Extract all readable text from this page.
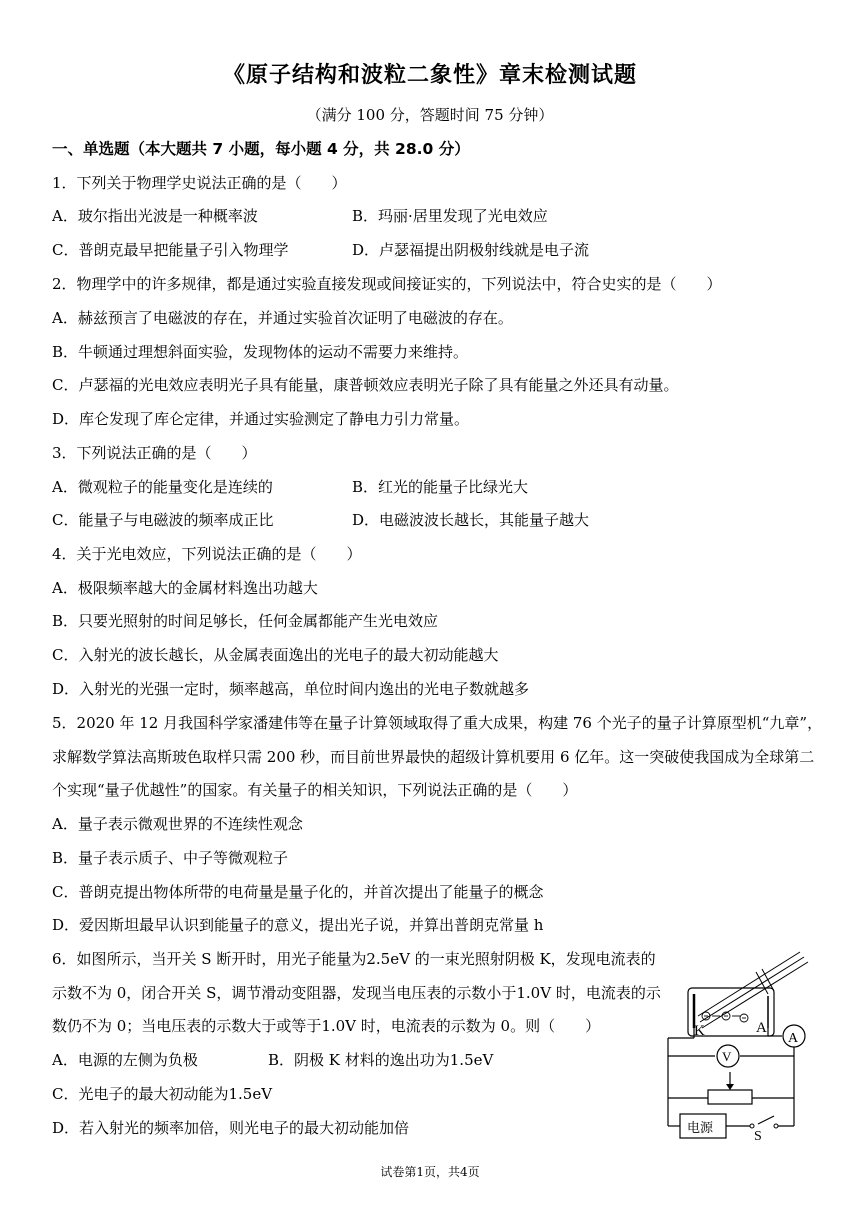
《原子结构和波粒二象性》章末检测试题
（满分 100 分，答题时间 75 分钟）
一、单选题（本大题共 7 小题，每小题 4 分，共 28.0 分）
1．下列关于物理学史说法正确的是（　　）
A．玻尔指出光波是一种概率波	B．玛丽·居里发现了光电效应
C．普朗克最早把能量子引入物理学	D．卢瑟福提出阴极射线就是电子流
2．物理学中的许多规律，都是通过实验直接发现或间接证实的，下列说法中，符合史实的是（　　）
A．赫兹预言了电磁波的存在，并通过实验首次证明了电磁波的存在。
B．牛顿通过理想斜面实验，发现物体的运动不需要力来维持。
C．卢瑟福的光电效应表明光子具有能量，康普顿效应表明光子除了具有能量之外还具有动量。
D．库仑发现了库仑定律，并通过实验测定了静电力引力常量。
3．下列说法正确的是（　　）
A．微观粒子的能量变化是连续的	B．红光的能量子比绿光大
C．能量子与电磁波的频率成正比	D．电磁波波长越长，其能量子越大
4．关于光电效应，下列说法正确的是（　　）
A．极限频率越大的金属材料逸出功越大
B．只要光照射的时间足够长，任何金属都能产生光电效应
C．入射光的波长越长，从金属表面逸出的光电子的最大初动能越大
D．入射光的光强一定时，频率越高，单位时间内逸出的光电子数就越多
5．2020 年 12 月我国科学家潘建伟等在量子计算领域取得了重大成果，构建 76 个光子的量子计算原型机“九章”，
求解数学算法高斯玻色取样只需 200 秒，而目前世界最快的超级计算机要用 6 亿年。这一突破使我国成为全球第二
个实现“量子优越性”的国家。有关量子的相关知识，下列说法正确的是（　　）
A．量子表示微观世界的不连续性观念
B．量子表示质子、中子等微观粒子
C．普朗克提出物体所带的电荷量是量子化的，并首次提出了能量子的概念
D．爱因斯坦最早认识到能量子的意义，提出光子说，并算出普朗克常量 h
6．如图所示，当开关 S 断开时，用光子能量为2.5eV 的一束光照射阴极 K，发现电流表的
示数不为 0，闭合开关 S，调节滑动变阻器，发现当电压表的示数小于1.0V 时，电流表的示
数仍不为 0；当电压表的示数大于或等于1.0V 时，电流表的示数为 0。则（　　）
A．电源的左侧为负极	B．阴极 K 材料的逸出功为1.5eV
C．光电子的最大初动能为1.5eV
D．若入射光的频率加倍，则光电子的最大初动能加倍
K	A
A
V
电源
S
试卷第1页，共4页
